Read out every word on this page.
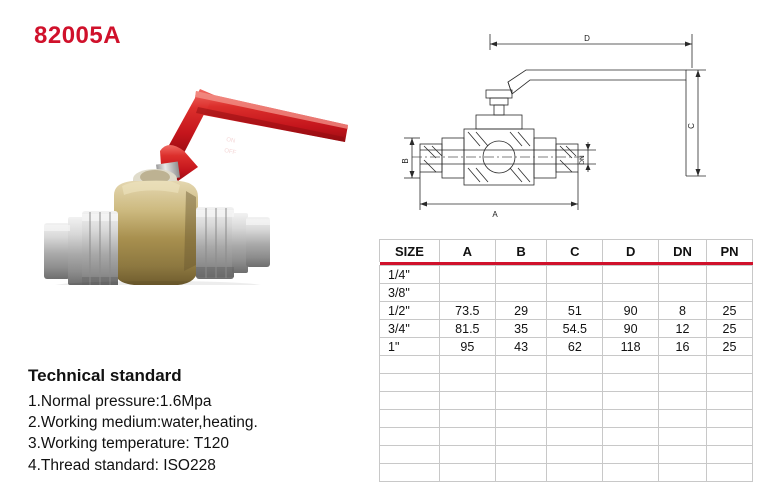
82005A
ON
OFF
Technical standard
1.Normal pressure:1.6Mpa
2.Working medium:water,heating.
3.Working temperature: T120
4.Thread standard: ISO228
D
A
B	DN
C
SIZE	A	B	C	D	DN	PN

1/4"						
3/8"						
1/2"	73.5	29	51	90	8	25
3/4"	81.5	35	54.5	90	12	25
1"	95	43	62	118	16	25
